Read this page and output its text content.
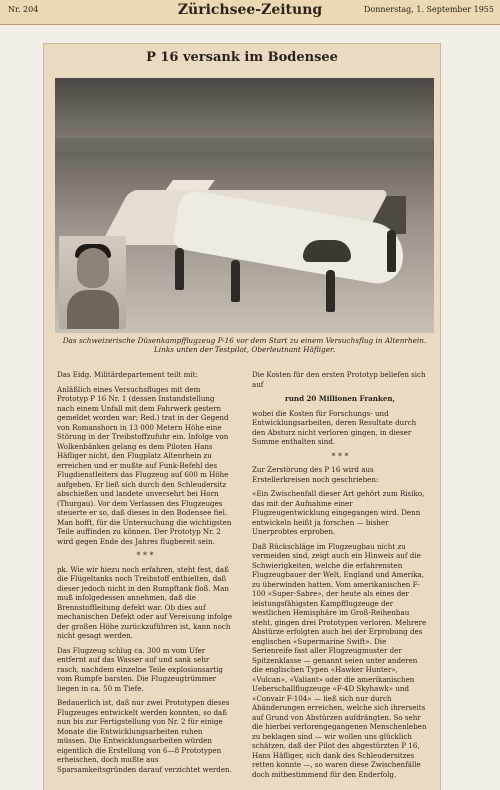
Nr. 204	Zürichsee-Zeitung	Donnerstag, 1. September 1955
P 16 versank im Bodensee
Das schweizerische Düsenkampfflugzeug P-16 vor dem Start zu einem Versuchsflug in Altenrhein. Links unten der Testpilot, Oberleutnant Häfliger.

Das Eidg. Militärdepartement teilt mit:

Anläßlich eines Versuchsfluges mit dem Prototyp P 16 Nr. 1 (dessen Instandstellung nach einem Unfall mit dem Fahrwerk gestern gemeldet worden war; Red.) trat in der Gegend von Romanshorn in 13 000 Metern Höhe eine Störung in der Treibstoffzufuhr ein. Infolge von Wolkenbänken gelang es dem Piloten Hans Häfliger nicht, den Flugplatz Altenrhein zu erreichen und er mußte auf Funk-Befehl des Flugdienstleiters das Flugzeug auf 600 m Höhe aufgeben. Er ließ sich durch den Schleudersitz abschießen und landete unversehrt bei Horn (Thurgau). Vor dem Verlassen des Flugzeuges steuerte er so, daß dieses in den Bodensee fiel. Man hofft, für die Untersuchung die wichtigsten Teile auffinden zu können. Der Prototyp Nr. 2 wird gegen Ende des Jahres flugbereit sein.

* * *

pk. Wie wir hiezu noch erfahren, steht fest, daß die Flügeltanks noch Treibstoff enthielten, daß dieser jedoch nicht in den Rumpftank floß. Man muß infolgedessen annehmen, daß die Brennstoffleitung defekt war. Ob dies auf mechanischen Defekt oder auf Vereisung infolge der großen Höhe zurückzuführen ist, kann noch nicht gesagt werden.

Das Flugzeug schlug ca. 300 m vom Ufer entfernt auf das Wasser auf und sank sehr rasch, nachdem einzelne Teile explosionsartig vom Rumpfe barsten. Die Flugzeugtrümmer liegen in ca. 50 m Tiefe.

Bedauerlich ist, daß nur zwei Prototypen dieses Flugzeuges entwickelt werden konnten, so daß nun bis zur Fertigstellung von Nr. 2 für einige Monate die Entwicklungsarbeiten ruhen müssen. Die Entwicklungsarbeiten würden eigentlich die Erstellung von 6—8 Prototypen erheischen, doch mußte aus Sparsamkeitsgründen darauf verzichtet werden.

Die Kosten für den ersten Prototyp beliefen sich auf

rund 20 Millionen Franken,

wobei die Kosten für Forschungs- und Entwicklungsarbeiten, deren Resultate durch den Absturz nicht verloren gingen, in dieser Summe enthalten sind.

* * *

Zur Zerstörung des P 16 wird aus Erstellerkreisen noch geschrieben:

«Ein Zwischenfall dieser Art gehört zum Risiko, das mit der Aufnahme einer Flugzeugentwicklung eingegangen wird. Denn entwickeln heißt ja forschen — bisher Unerprobtes erproben.

Daß Rückschläge im Flugzeugbau nicht zu vermeiden sind, zeigt auch ein Hinweis auf die Schwierigkeiten, welche die erfahrensten Flugzeugbauer der Welt, England und Amerika, zu überwinden hatten. Vom amerikanischen F-100 «Super-Sabre», der heute als eines der leistungsfähigsten Kampfflugzeuge der westlichen Hemisphäre im Groß-Reihenbau steht, gingen drei Prototypen verloren. Mehrere Abstürze erfolgten auch bei der Erprobung des englischen «Supermarine Swift». Die Serienreife fast aller Flugzeugmuster der Spitzenklasse — genannt seien unter anderen die englischen Typen «Hawker Hunter», «Vulcan», «Valiant» oder die amerikanischen Ueberschallflugzeuge «F-4D Skyhawk» und «Convair F-104» — ließ sich nur durch Abänderungen erreichen, welche sich ihrerseits auf Grund von Abstürzen aufdrängten. So sehr die hierbei verlorengegangenen Menschenleben zu beklagen sind — wir wollen uns glücklich schätzen, daß der Pilot des abgestürzten P 16, Hans Häfliger, sich dank des Schleudersitzes retten konnte —, so waren diese Zwischenfälle doch mitbestimmend für den Enderfolg.
